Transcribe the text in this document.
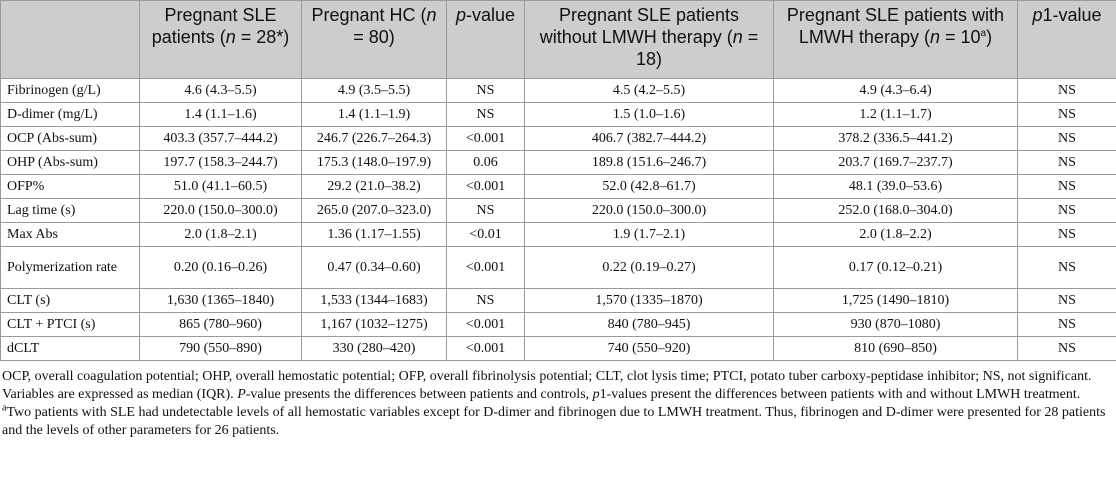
	Pregnant SLE patients (n = 28*)	Pregnant HC (n = 80)	p-value	Pregnant SLE patients without LMWH therapy (n = 18)	Pregnant SLE patients with LMWH therapy $(n = 10^a)$	p1-value
Fibrinogen (g/L)	4.6 (4.3–5.5)	4.9 (3.5–5.5)	NS	4.5 (4.2–5.5)	4.9 (4.3–6.4)	NS
D-dimer (mg/L)	1.4 (1.1–1.6)	1.4 (1.1–1.9)	NS	1.5 (1.0–1.6)	1.2 (1.1–1.7)	NS
OCP (Abs-sum)	403.3 (357.7–444.2)	246.7 (226.7–264.3)	<0.001	406.7 (382.7–444.2)	378.2 (336.5–441.2)	NS
OHP (Abs-sum)	197.7 (158.3–244.7)	175.3 (148.0–197.9)	0.06	189.8 (151.6–246.7)	203.7 (169.7–237.7)	NS
OFP%	51.0 (41.1–60.5)	29.2 (21.0–38.2)	<0.001	52.0 (42.8–61.7)	48.1 (39.0–53.6)	NS
Lag time (s)	220.0 (150.0–300.0)	265.0 (207.0–323.0)	NS	220.0 (150.0–300.0)	252.0 (168.0–304.0)	NS
Max Abs	2.0 (1.8–2.1)	1.36 (1.17–1.55)	<0.01	1.9 (1.7–2.1)	2.0 (1.8–2.2)	NS
Polymerization rate	0.20 (0.16–0.26)	0.47 (0.34–0.60)	<0.001	0.22 (0.19–0.27)	0.17 (0.12–0.21)	NS
CLT (s)	1,630 (1365–1840)	1,533 (1344–1683)	NS	1,570 (1335–1870)	1,725 (1490–1810)	NS
CLT + PTCI (s)	865 (780–960)	1,167 (1032–1275)	<0.001	840 (780–945)	930 (870–1080)	NS
dCLT	790 (550–890)	330 (280–420)	<0.001	740 (550–920)	810 (690–850)	NS

OCP, overall coagulation potential; OHP, overall hemostatic potential; OFP, overall fibrinolysis potential; CLT, clot lysis time; PTCI, potato tuber carboxy-peptidase inhibitor; NS, not significant.

Variables are expressed as median (IQR). P-value presents the differences between patients and controls, p1-values present the differences between patients with and without LMWH treatment.

$^a$Two patients with SLE had undetectable levels of all hemostatic variables except for D-dimer and fibrinogen due to LMWH treatment. Thus, fibrinogen and D-dimer were presented for 28 patients and the levels of other parameters for 26 patients.
